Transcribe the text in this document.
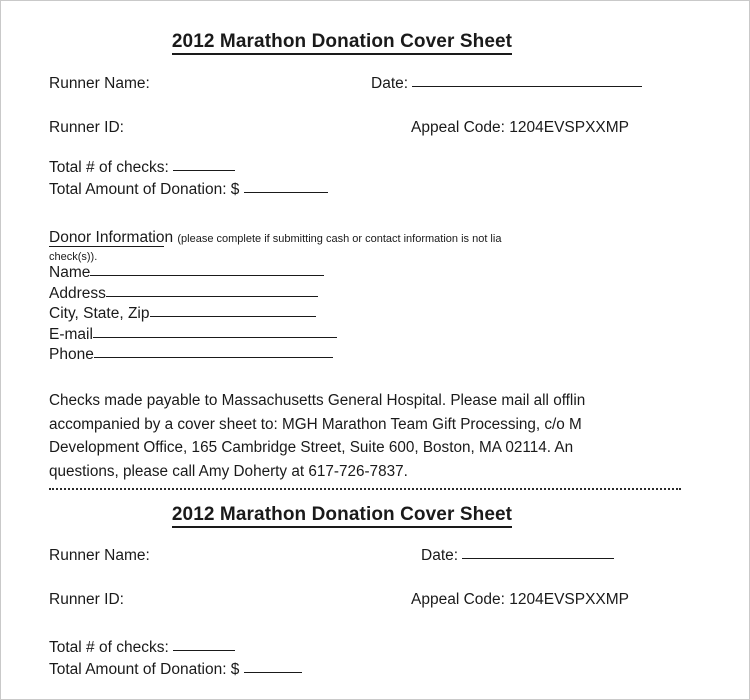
2012 Marathon Donation Cover Sheet
Runner Name:	Date:
Runner ID:	Appeal Code: 1204EVSPXXMP
Total # of checks:
Total Amount of Donation: $
Donor Information (please complete if submitting cash or contact information is not lia
check(s)).
Name
Address
City, State, Zip
E-mail
Phone
Checks made payable to Massachusetts General Hospital. Please mail all offlin
accompanied by a cover sheet to: MGH Marathon Team Gift Processing, c/o M
Development Office, 165 Cambridge Street, Suite 600, Boston, MA 02114. An
questions, please call Amy Doherty at 617-726-7837.
2012 Marathon Donation Cover Sheet
Runner Name:	Date:
Runner ID:	Appeal Code: 1204EVSPXXMP
Total # of checks:
Total Amount of Donation: $
